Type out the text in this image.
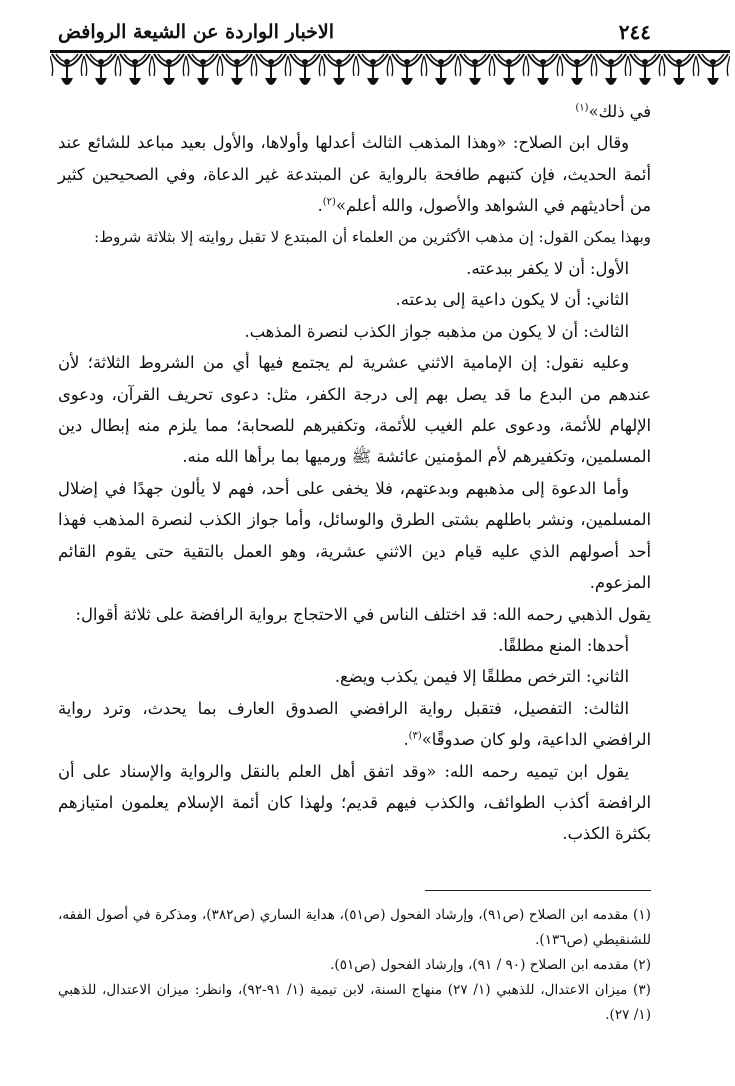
٢٤٤
الاخبار الواردة عن الشيعة الروافض

في ذلك»$^{(١)}$

وقال ابن الصلاح: «وهذا المذهب الثالث أعدلها وأولاها، والأول بعيد مباعد للشائع عند أئمة الحديث، فإن كتبهم طافحة بالرواية عن المبتدعة غير الدعاة، وفي الصحيحين كثير من أحاديثهم في الشواهد والأصول، والله أعلم»$^{(٢)}$.

وبهذا يمكن القول: إن مذهب الأكثرين من العلماء أن المبتدع لا تقبل روايته إلا بثلاثة شروط:

الأول: أن لا يكفر ببدعته.

الثاني: أن لا يكون داعية إلى بدعته.

الثالث: أن لا يكون من مذهبه جواز الكذب لنصرة المذهب.

وعليه نقول: إن الإمامية الاثني عشرية لم يجتمع فيها أي من الشروط الثلاثة؛ لأن عندهم من البدع ما قد يصل بهم إلى درجة الكفر، مثل: دعوى تحريف القرآن، ودعوى الإلهام للأئمة، ودعوى علم الغيب للأئمة، وتكفيرهم للصحابة؛ مما يلزم منه إبطال دين المسلمين، وتكفيرهم لأم المؤمنين عائشة ﷺ ورميها بما برأها الله منه.

وأما الدعوة إلى مذهبهم وبدعتهم، فلا يخفى على أحد، فهم لا يألون جهدًا في إضلال المسلمين، ونشر باطلهم بشتى الطرق والوسائل، وأما جواز الكذب لنصرة المذهب فهذا أحد أصولهم الذي عليه قيام دين الاثني عشرية، وهو العمل بالتقية حتى يقوم القائم المزعوم.

يقول الذهبي رحمه الله: قد اختلف الناس في الاحتجاج برواية الرافضة على ثلاثة أقوال:

أحدها: المنع مطلقًا.

الثاني: الترخص مطلقًا إلا فيمن يكذب ويضع.

الثالث: التفصيل، فتقبل رواية الرافضي الصدوق العارف بما يحدث، وترد رواية الرافضي الداعية، ولو كان صدوقًا»$^{(٣)}$.

يقول ابن تيميه رحمه الله: «وقد اتفق أهل العلم بالنقل والرواية والإسناد على أن الرافضة أكذب الطوائف، والكذب فيهم قديم؛ ولهذا كان أئمة الإسلام يعلمون امتيازهم بكثرة الكذب.

(١) مقدمه ابن الصلاح (ص٩١)، وإرشاد الفحول (ص٥١)، هداية الساري (ص٣٨٢)، ومذكرة في أصول الفقه، للشنقيطي (ص١٣٦).

(٢) مقدمه ابن الصلاح (٩٠ / ٩١)، وإرشاد الفحول (ص٥١).

(٣) ميزان الاعتدال، للذهبي (١/ ٢٧) منهاج السنة، لابن تيمية (١/ ٩١-٩٢)، وانظر: ميزان الاعتدال، للذهبي (١/ ٢٧).
